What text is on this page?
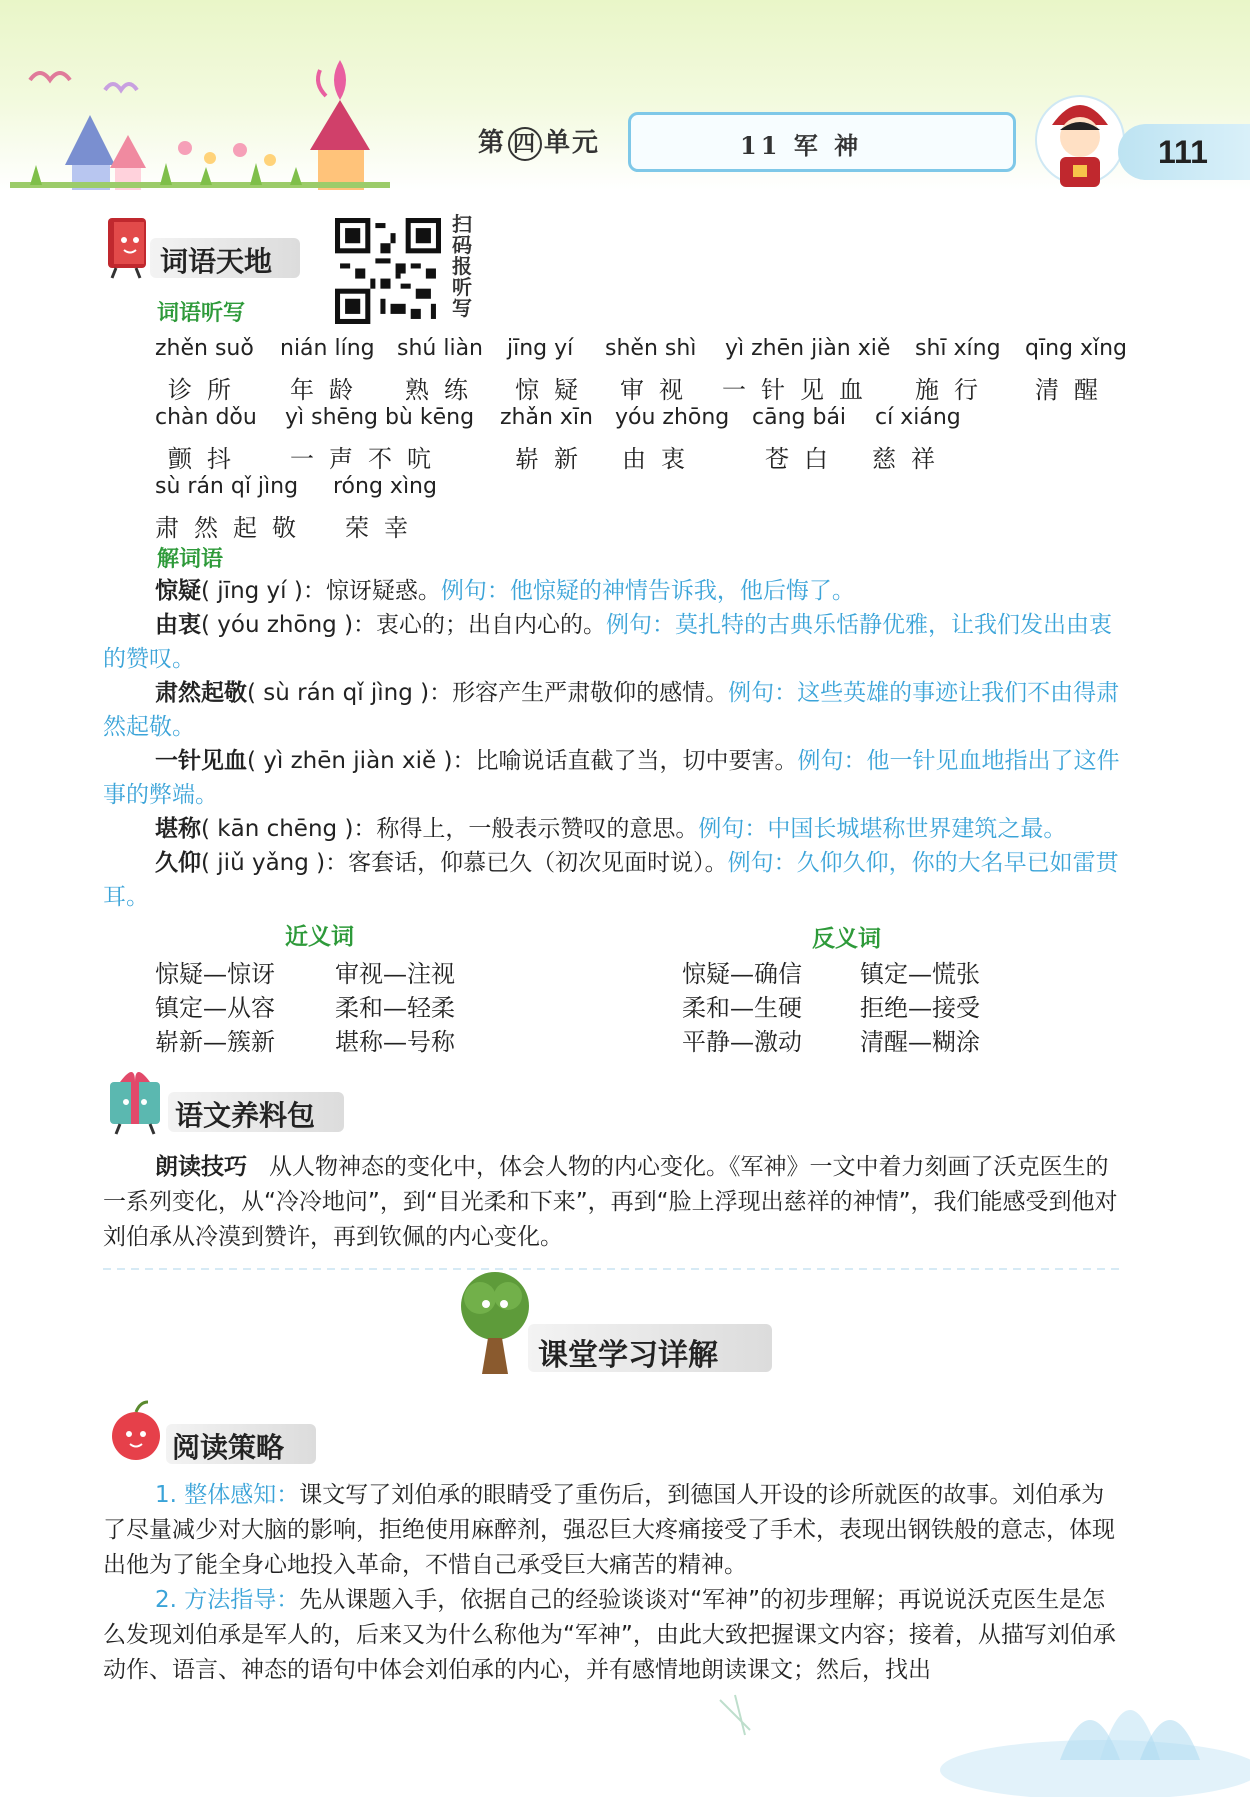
第 四 单元	11 军 神	111
词语天地
扫码报听写
词语听写
zhěn suǒ
诊所
nián líng
年龄
shú liàn
熟练
jīng yí
惊疑
shěn shì
审视
yì zhēn jiàn xiě
一针见血
shī xíng
施行
qīng xǐng
清醒
chàn dǒu
颤抖
yì shēng bù kēng
一声不吭
zhǎn xīn
崭新
yóu zhōng
由衷
cāng bái
苍白
cí xiáng
慈祥
sù rán qǐ jìng
肃然起敬
róng xìng
荣幸
解词语
惊疑( jīng yí )：惊讶疑惑。例句：他惊疑的神情告诉我，他后悔了。
由衷( yóu zhōng )：衷心的；出自内心的。例句：莫扎特的古典乐恬静优雅，让我们发出由衷的赞叹。
肃然起敬( sù rán qǐ jìng )：形容产生严肃敬仰的感情。例句：这些英雄的事迹让我们不由得肃然起敬。
一针见血( yì zhēn jiàn xiě )：比喻说话直截了当，切中要害。例句：他一针见血地指出了这件事的弊端。
堪称( kān chēng )：称得上，一般表示赞叹的意思。例句：中国长城堪称世界建筑之最。
久仰( jiǔ yǎng )：客套话，仰慕已久（初次见面时说）。例句：久仰久仰，你的大名早已如雷贯耳。
近义词	反义词
惊疑—惊讶	审视—注视
镇定—从容	柔和—轻柔
崭新—簇新	堪称—号称
惊疑—确信 镇定—慌张
柔和—生硬 拒绝—接受
平静—激动 清醒—糊涂
语文养料包
朗读技巧 从人物神态的变化中，体会人物的内心变化。《军神》一文中着力刻画了沃克医生的一系列变化，从“冷冷地问”，到“目光柔和下来”，再到“脸上浮现出慈祥的神情”，我们能感受到他对刘伯承从冷漠到赞许，再到钦佩的内心变化。
课堂学习详解
阅读策略
1. 整体感知：课文写了刘伯承的眼睛受了重伤后，到德国人开设的诊所就医的故事。刘伯承为了尽量减少对大脑的影响，拒绝使用麻醉剂，强忍巨大疼痛接受了手术，表现出钢铁般的意志，体现出他为了能全身心地投入革命，不惜自己承受巨大痛苦的精神。
2. 方法指导：先从课题入手，依据自己的经验谈谈对“军神”的初步理解；再说说沃克医生是怎么发现刘伯承是军人的，后来又为什么称他为“军神”，由此大致把握课文内容；接着，从描写刘伯承动作、语言、神态的语句中体会刘伯承的内心，并有感情地朗读课文；然后，找出
